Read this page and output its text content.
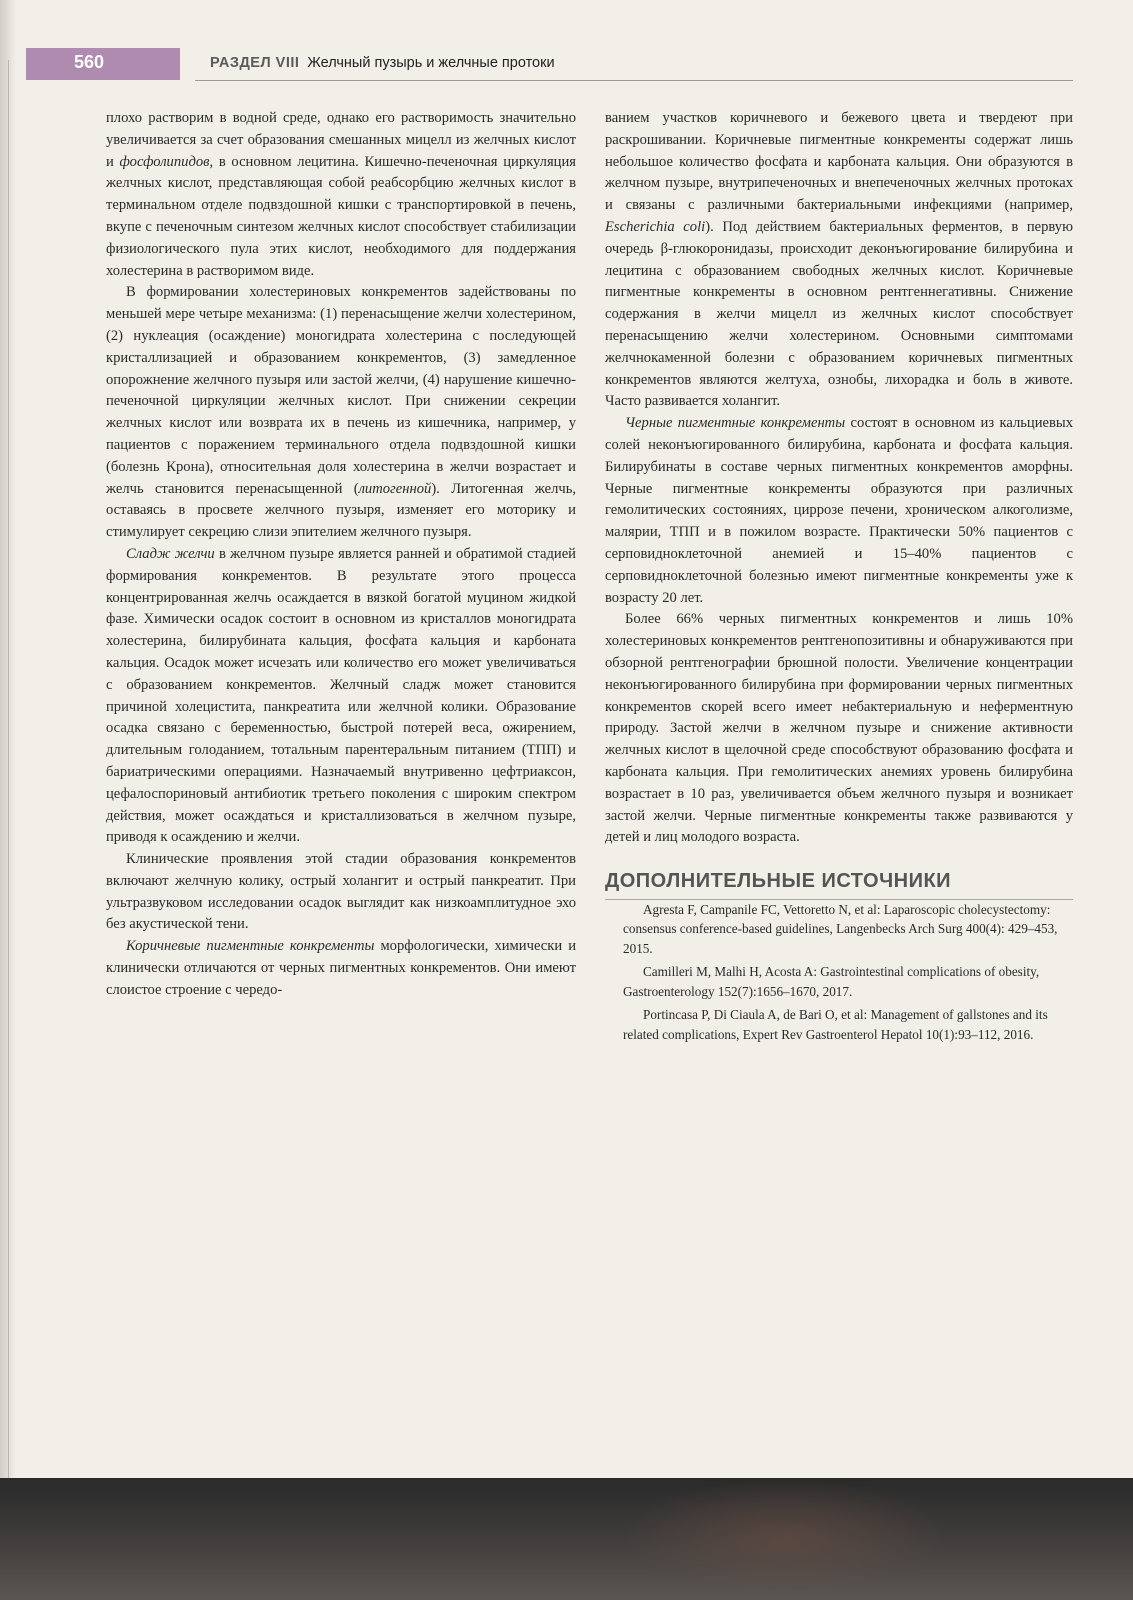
560	РАЗДЕЛ VIII Желчный пузырь и желчные протоки

плохо растворим в водной среде, однако его растворимость значительно увеличивается за счет образования смешанных мицелл из желчных кислот и фосфолипидов, в основном лецитина. Кишечно-печеночная циркуляция желчных кислот, представляющая собой реабсорбцию желчных кислот в терминальном отделе подвздошной кишки с транспортировкой в печень, вкупе с печеночным синтезом желчных кислот способствует стабилизации физиологического пула этих кислот, необходимого для поддержания холестерина в растворимом виде.

В формировании холестериновых конкрементов задействованы по меньшей мере четыре механизма: (1) перенасыщение желчи холестерином, (2) нуклеация (осаждение) моногидрата холестерина с последующей кристаллизацией и образованием конкрементов, (3) замедленное опорожнение желчного пузыря или застой желчи, (4) нарушение кишечно-печеночной циркуляции желчных кислот. При снижении секреции желчных кислот или возврата их в печень из кишечника, например, у пациентов с поражением терминального отдела подвздошной кишки (болезнь Крона), относительная доля холестерина в желчи возрастает и желчь становится перенасыщенной (литогенной). Литогенная желчь, оставаясь в просвете желчного пузыря, изменяет его моторику и стимулирует секрецию слизи эпителием желчного пузыря.

Сладж желчи в желчном пузыре является ранней и обратимой стадией формирования конкрементов. В результате этого процесса концентрированная желчь осаждается в вязкой богатой муцином жидкой фазе. Химически осадок состоит в основном из кристаллов моногидрата холестерина, билирубината кальция, фосфата кальция и карбоната кальция. Осадок может исчезать или количество его может увеличиваться с образованием конкрементов. Желчный сладж может становится причиной холецистита, панкреатита или желчной колики. Образование осадка связано с беременностью, быстрой потерей веса, ожирением, длительным голоданием, тотальным парентеральным питанием (ТПП) и бариатрическими операциями. Назначаемый внутривенно цефтриаксон, цефалоспориновый антибиотик третьего поколения с широким спектром действия, может осаждаться и кристаллизоваться в желчном пузыре, приводя к осаждению и желчи.

Клинические проявления этой стадии образования конкрементов включают желчную колику, острый холангит и острый панкреатит. При ультразвуковом исследовании осадок выглядит как низкоамплитудное эхо без акустической тени.

Коричневые пигментные конкременты морфологически, химически и клинически отличаются от черных пигментных конкрементов. Они имеют слоистое строение с чередо-

ванием участков коричневого и бежевого цвета и твердеют при раскрошивании. Коричневые пигментные конкременты содержат лишь небольшое количество фосфата и карбоната кальция. Они образуются в желчном пузыре, внутрипеченочных и внепеченочных желчных протоках и связаны с различными бактериальными инфекциями (например, Escherichia coli). Под действием бактериальных ферментов, в первую очередь β-глюкоронидазы, происходит деконъюгирование билирубина и лецитина с образованием свободных желчных кислот. Коричневые пигментные конкременты в основном рентгеннегативны. Снижение содержания в желчи мицелл из желчных кислот способствует перенасыщению желчи холестерином. Основными симптомами желчнокаменной болезни с образованием коричневых пигментных конкрементов являются желтуха, ознобы, лихорадка и боль в животе. Часто развивается холангит.

Черные пигментные конкременты состоят в основном из кальциевых солей неконъюгированного билирубина, карбоната и фосфата кальция. Билирубинаты в составе черных пигментных конкрементов аморфны. Черные пигментные конкременты образуются при различных гемолитических состояниях, циррозе печени, хроническом алкоголизме, малярии, ТПП и в пожилом возрасте. Практически 50% пациентов с серповидноклеточной анемией и 15–40% пациентов с серповидноклеточной болезнью имеют пигментные конкременты уже к возрасту 20 лет.

Более 66% черных пигментных конкрементов и лишь 10% холестериновых конкрементов рентгенопозитивны и обнаруживаются при обзорной рентгенографии брюшной полости. Увеличение концентрации неконъюгированного билирубина при формировании черных пигментных конкрементов скорей всего имеет небактериальную и неферментную природу. Застой желчи в желчном пузыре и снижение активности желчных кислот в щелочной среде способствуют образованию фосфата и карбоната кальция. При гемолитических анемиях уровень билирубина возрастает в 10 раз, увеличивается объем желчного пузыря и возникает застой желчи. Черные пигментные конкременты также развиваются у детей и лиц молодого возраста.

ДОПОЛНИТЕЛЬНЫЕ ИСТОЧНИКИ

Agresta F, Campanile FC, Vettoretto N, et al: Laparoscopic cholecystectomy: consensus conference-based guidelines, Langenbecks Arch Surg 400(4): 429–453, 2015.

Camilleri M, Malhi H, Acosta A: Gastrointestinal complications of obesity, Gastroenterology 152(7):1656–1670, 2017.

Portincasa P, Di Ciaula A, de Bari O, et al: Management of gallstones and its related complications, Expert Rev Gastroenterol Hepatol 10(1):93–112, 2016.
